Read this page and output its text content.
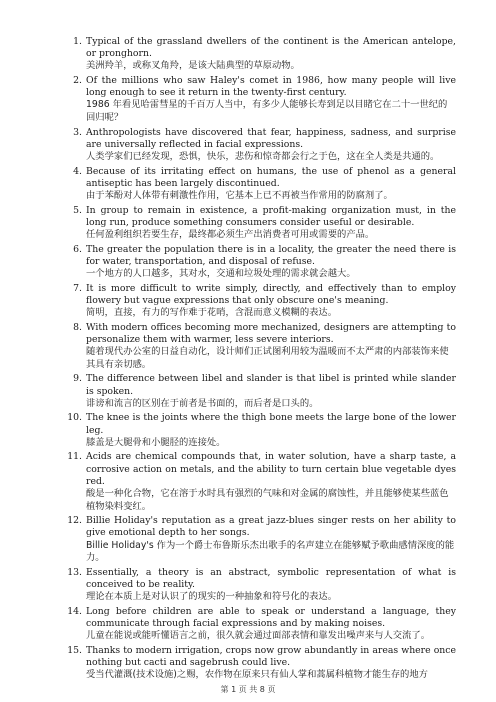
1. Typical of the grassland dwellers of the continent is the American antelope, or pronghorn.
美洲羚羊，或称叉角羚，是该大陆典型的草原动物。
2. Of the millions who saw Haley's comet in 1986, how many people will live long enough to see it return in the twenty-first century.
1986 年看见哈雷彗星的千百万人当中，有多少人能够长寿到足以目睹它在二十一世纪的回归呢？
3. Anthropologists have discovered that fear, happiness, sadness, and surprise are universally reflected in facial expressions.
人类学家们已经发现，恐惧，快乐，悲伤和惊奇都会行之于色，这在全人类是共通的。
4. Because of its irritating effect on humans, the use of phenol as a general antiseptic has been largely discontinued.
由于苯酚对人体带有刺激性作用，它基本上已不再被当作常用的防腐剂了。
5. In group to remain in existence, a profit-making organization must, in the long run, produce something consumers consider useful or desirable.
任何盈利组织若要生存，最终都必须生产出消费者可用或需要的产品。
6. The greater the population there is in a locality, the greater the need there is for water, transportation, and disposal of refuse.
一个地方的人口越多，其对水，交通和垃圾处理的需求就会越大。
7. It is more difficult to write simply, directly, and effectively than to employ flowery but vague expressions that only obscure one's meaning.
简明，直接，有力的写作难于花哨，含混而意义模糊的表达。
8. With modern offices becoming more mechanized, designers are attempting to personalize them with warmer, less severe interiors.
随着现代办公室的日益自动化，设计师们正试图利用较为温暖而不太严肃的内部装饰来使其具有亲切感。
9. The difference between libel and slander is that libel is printed while slander is spoken.
诽谤和流言的区别在于前者是书面的，而后者是口头的。
10. The knee is the joints where the thigh bone meets the large bone of the lower leg.
膝盖是大腿骨和小腿胫的连接处。
11. Acids are chemical compounds that, in water solution, have a sharp taste, a corrosive action on metals, and the ability to turn certain blue vegetable dyes red.
酸是一种化合物，它在溶于水时具有强烈的气味和对金属的腐蚀性，并且能够使某些蓝色植物染料变红。
12. Billie Holiday's reputation as a great jazz-blues singer rests on her ability to give emotional depth to her songs.
Billie Holiday's 作为一个爵士布鲁斯乐杰出歌手的名声建立在能够赋予歌曲感情深度的能力。
13. Essentially, a theory is an abstract, symbolic representation of what is conceived to be reality.
理论在本质上是对认识了的现实的一种抽象和符号化的表达。
14. Long before children are able to speak or understand a language, they communicate through facial expressions and by making noises.
儿童在能说或能听懂语言之前，很久就会通过面部表情和靠发出噪声来与人交流了。
15. Thanks to modern irrigation, crops now grow abundantly in areas where once nothing but cacti and sagebrush could live.
受当代灌溉(技术设施)之赐，农作物在原来只有仙人掌和蒿属科植物才能生存的地方
第 1 页 共 8 页
